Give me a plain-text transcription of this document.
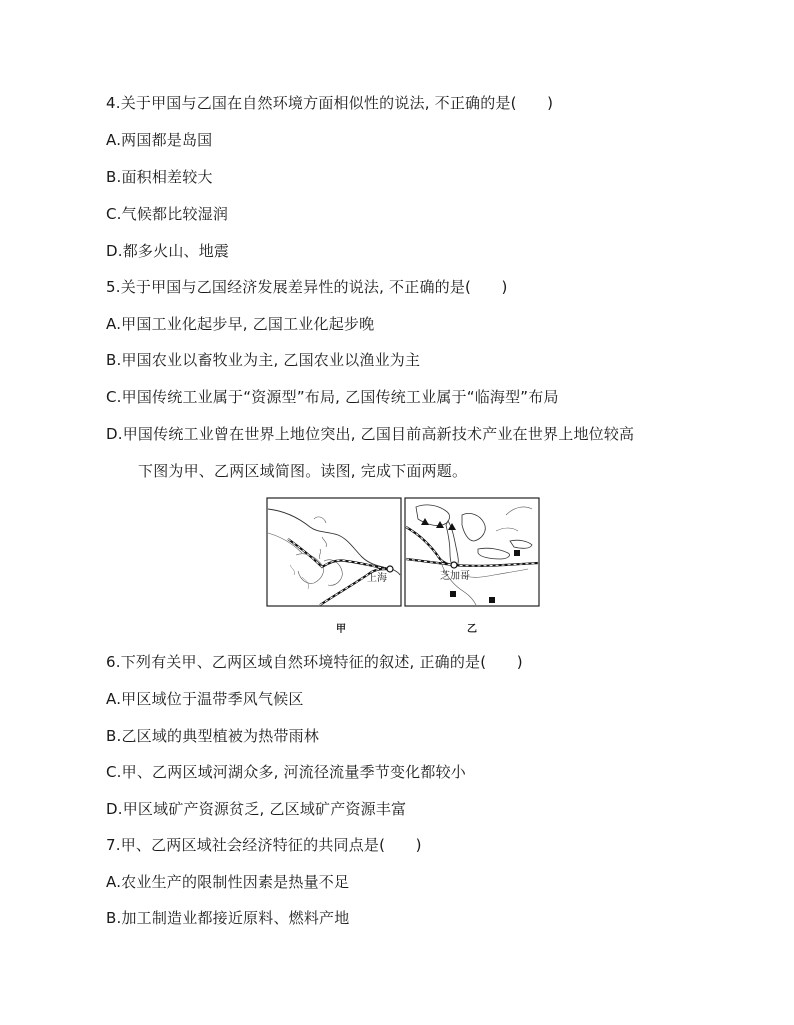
4.关于甲国与乙国在自然环境方面相似性的说法, 不正确的是(　　)
A.两国都是岛国
B.面积相差较大
C.气候都比较湿润
D.都多火山、地震
5.关于甲国与乙国经济发展差异性的说法, 不正确的是(　　)
A.甲国工业化起步早, 乙国工业化起步晚
B.甲国农业以畜牧业为主, 乙国农业以渔业为主
C.甲国传统工业属于“资源型”布局, 乙国传统工业属于“临海型”布局
D.甲国传统工业曾在世界上地位突出, 乙国目前高新技术产业在世界上地位较高
下图为甲、乙两区域简图。读图, 完成下面两题。
上海	芝加哥
甲	乙
6.下列有关甲、乙两区域自然环境特征的叙述, 正确的是(　　)
A.甲区域位于温带季风气候区
B.乙区域的典型植被为热带雨林
C.甲、乙两区域河湖众多, 河流径流量季节变化都较小
D.甲区域矿产资源贫乏, 乙区域矿产资源丰富
7.甲、乙两区域社会经济特征的共同点是(　　)
A.农业生产的限制性因素是热量不足
B.加工制造业都接近原料、燃料产地
